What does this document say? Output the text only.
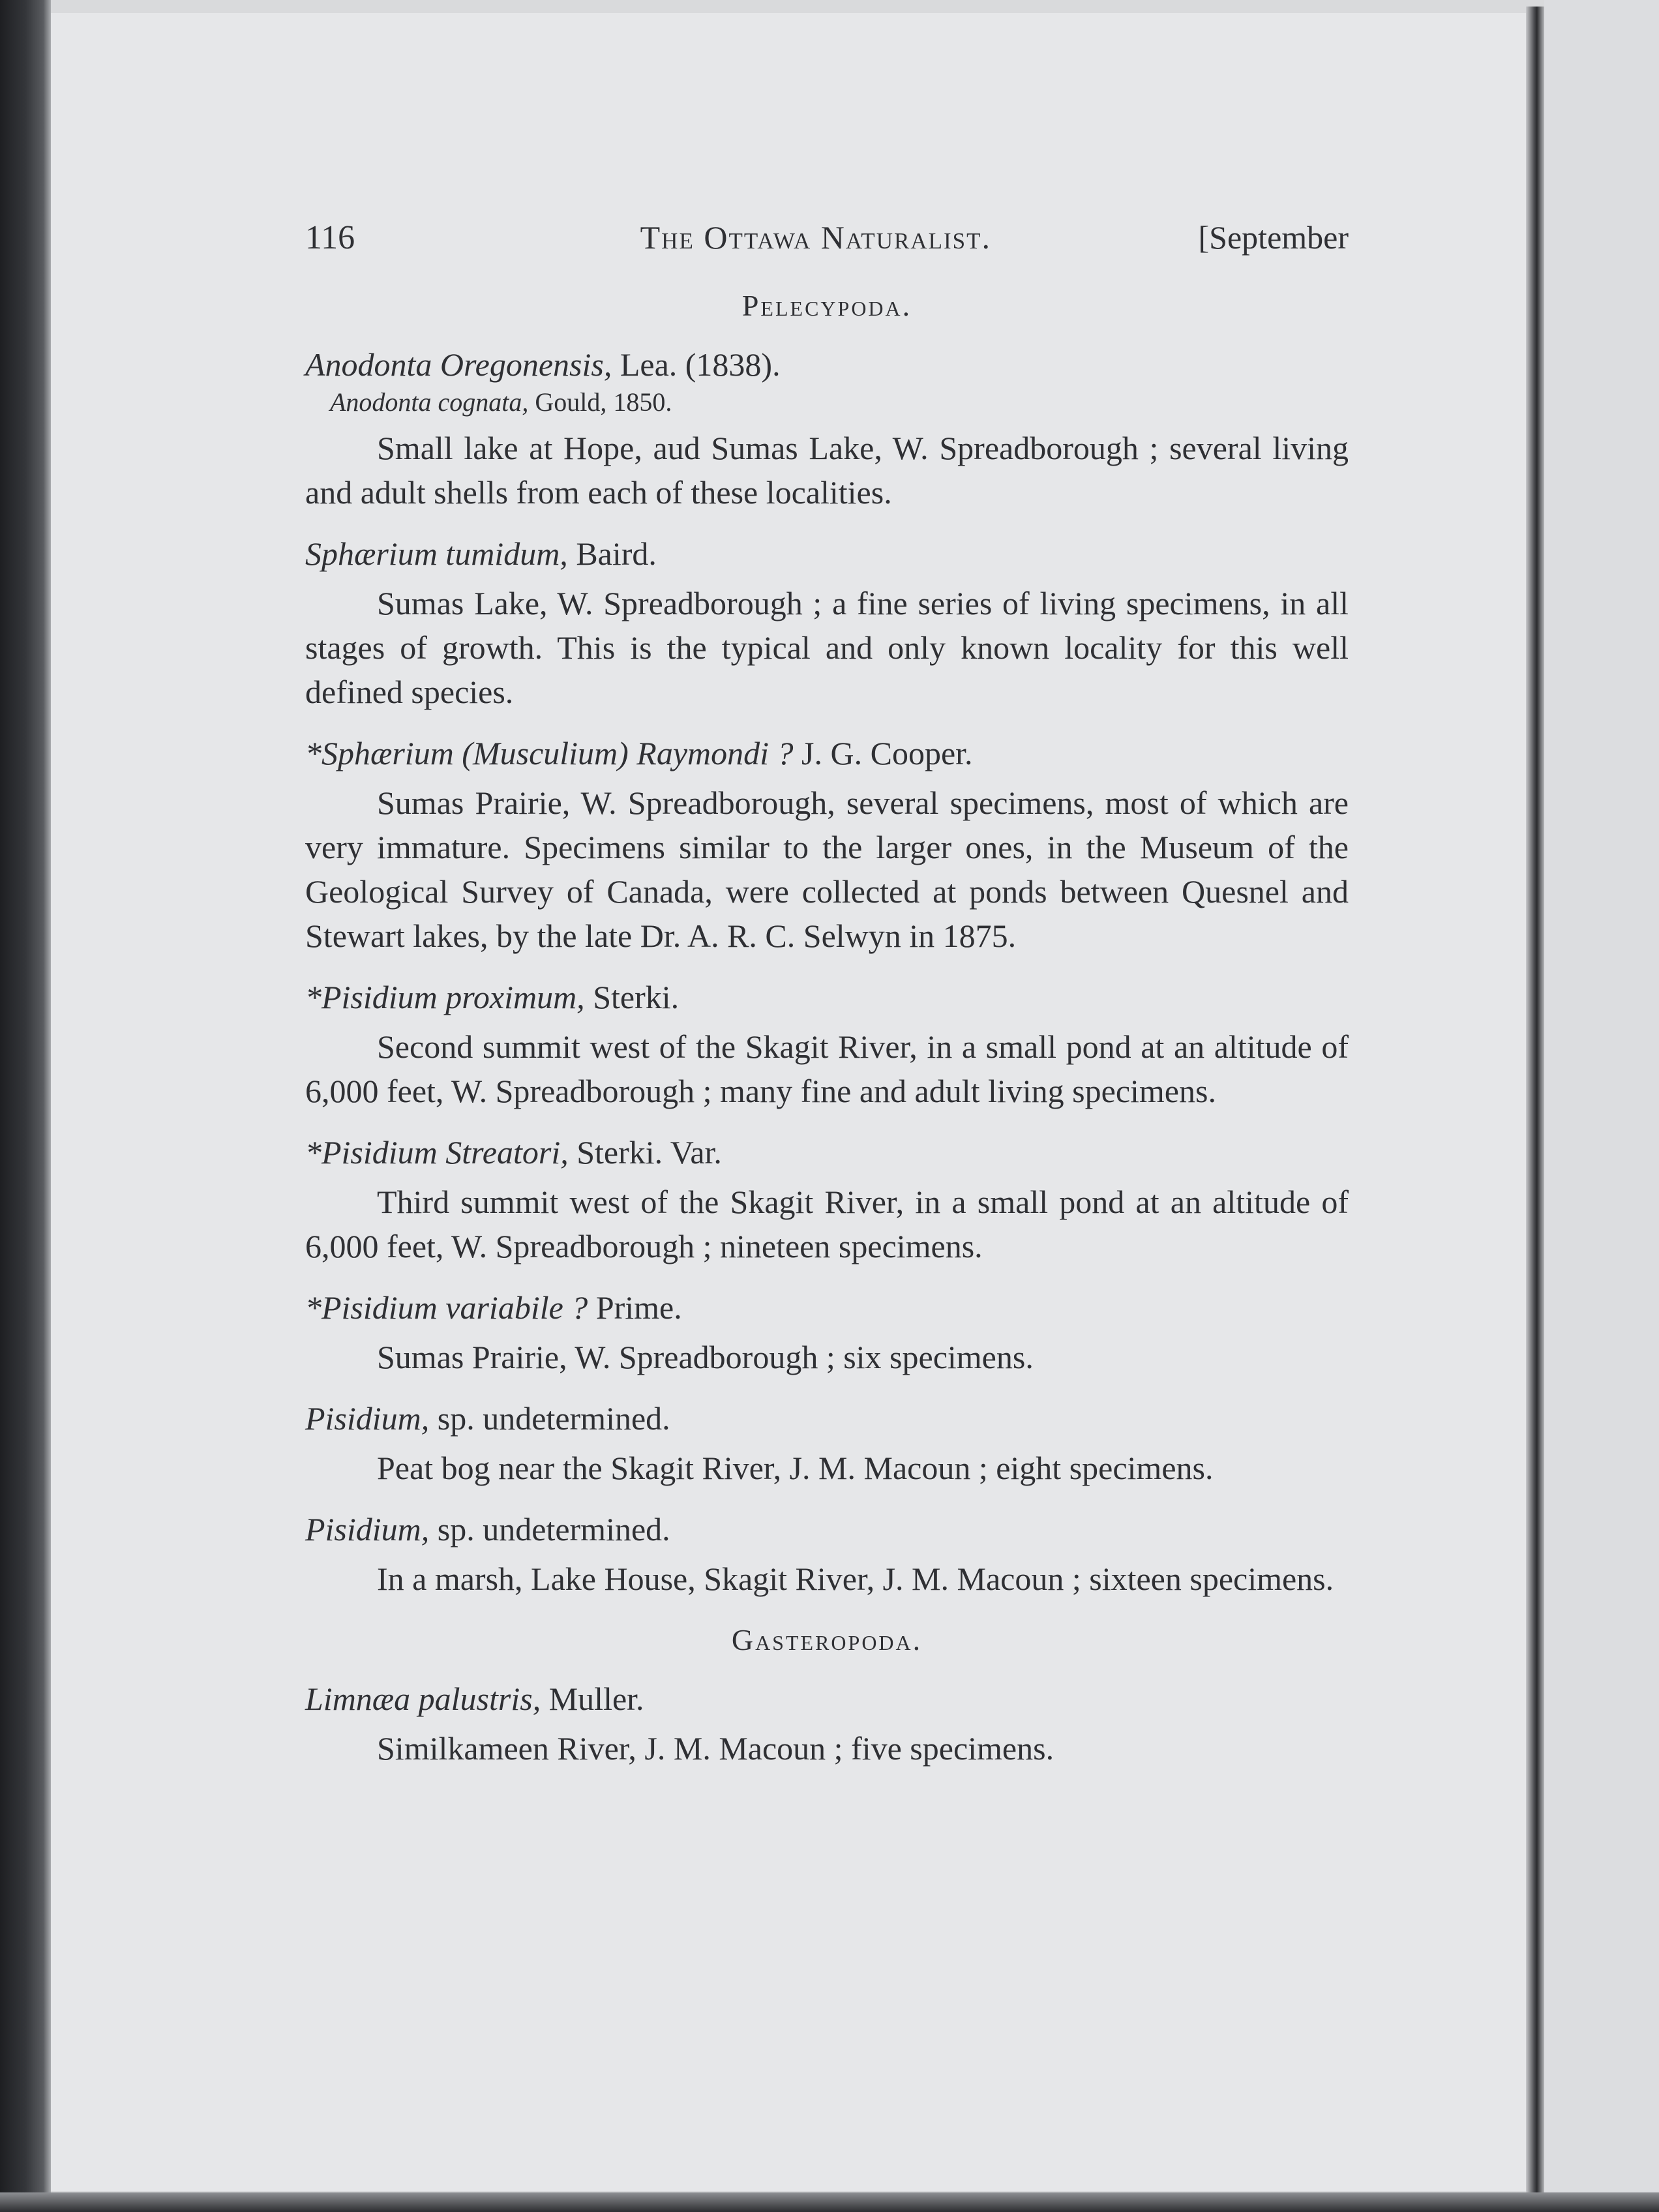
116	The Ottawa Naturalist.	[September
Pelecypoda.
Anodonta Oregonensis, Lea. (1838).
Anodonta cognata, Gould, 1850.

Small lake at Hope, aud Sumas Lake, W. Spreadborough ; several living and adult shells from each of these localities.

Sphærium tumidum, Baird.

Sumas Lake, W. Spreadborough ; a fine series of living specimens, in all stages of growth. This is the typical and only known locality for this well defined species.

*Sphærium (Musculium) Raymondi ? J. G. Cooper.

Sumas Prairie, W. Spreadborough, several specimens, most of which are very immature. Specimens similar to the larger ones, in the Museum of the Geological Survey of Canada, were collected at ponds between Quesnel and Stewart lakes, by the late Dr. A. R. C. Selwyn in 1875.

*Pisidium proximum, Sterki.

Second summit west of the Skagit River, in a small pond at an altitude of 6,000 feet, W. Spreadborough ; many fine and adult living specimens.

*Pisidium Streatori, Sterki. Var.

Third summit west of the Skagit River, in a small pond at an altitude of 6,000 feet, W. Spreadborough ; nineteen specimens.

*Pisidium variabile ? Prime.

Sumas Prairie, W. Spreadborough ; six specimens.

Pisidium, sp. undetermined.

Peat bog near the Skagit River, J. M. Macoun ; eight specimens.

Pisidium, sp. undetermined.

In a marsh, Lake House, Skagit River, J. M. Macoun ; sixteen specimens.

Gasteropoda.
Limnæa palustris, Muller.

Similkameen River, J. M. Macoun ; five specimens.
